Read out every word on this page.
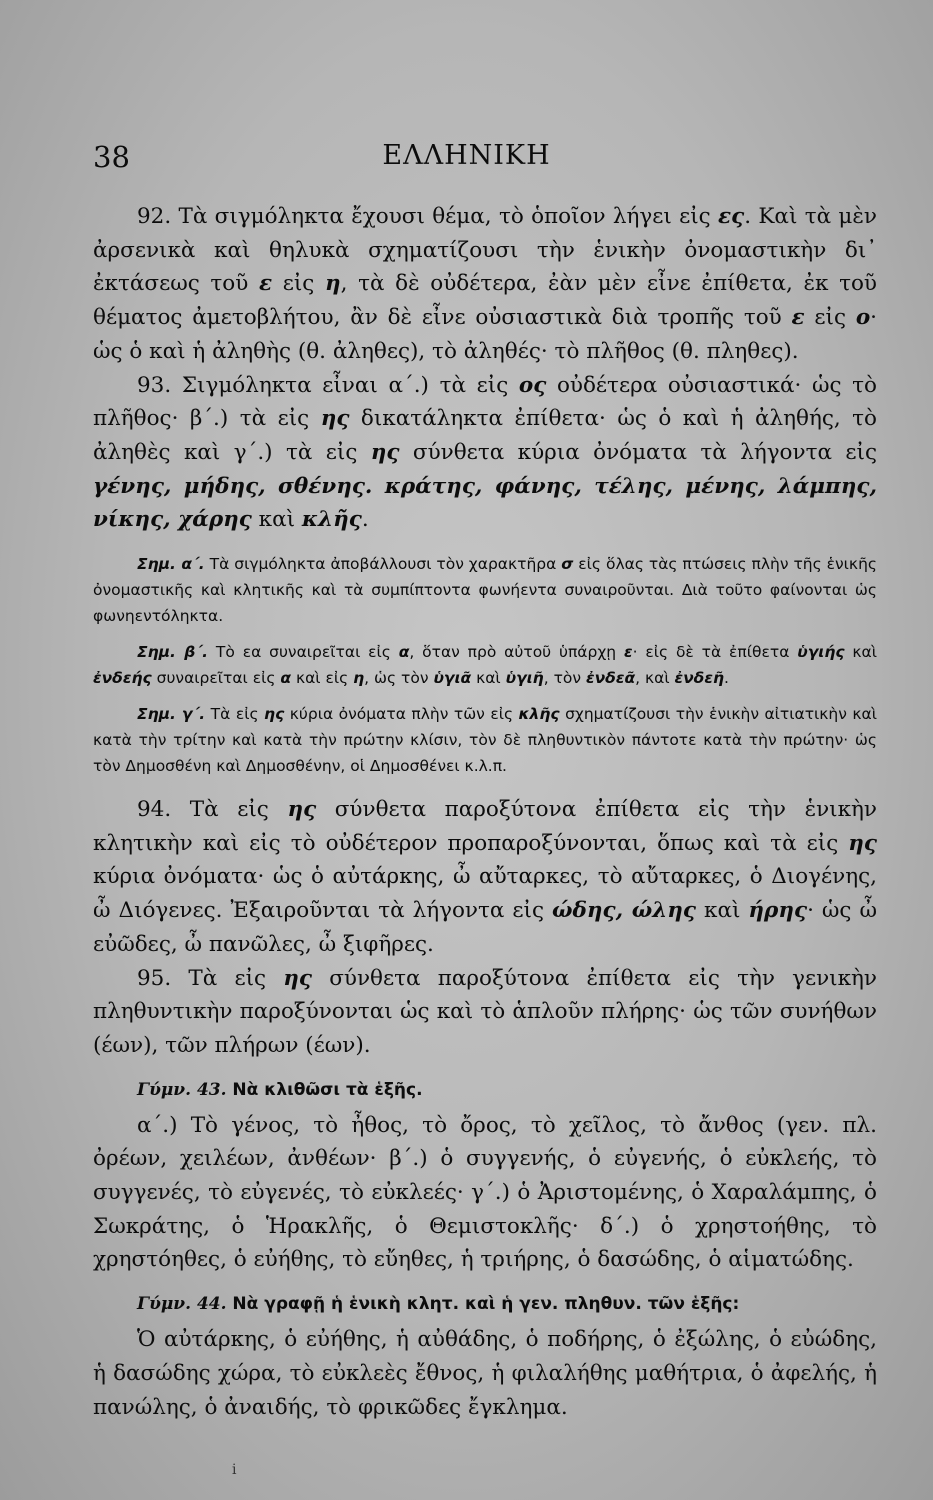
38	ΕΛΛΗΝΙΚΗ

92. Τὰ σιγμόληκτα ἔχουσι θέμα, τὸ ὁποῖον λήγει εἰς ες. Καὶ τὰ μὲν ἀρσενικὰ καὶ θηλυκὰ σχηματίζουσι τὴν ἑνικὴν ὀνομαστικὴν δι᾿ ἐκτάσεως τοῦ ε εἰς η, τὰ δὲ οὐδέτερα, ἐὰν μὲν εἶνε ἐπίθετα, ἐκ τοῦ θέματος ἀμετοβλήτου, ἂν δὲ εἶνε οὐσιαστικὰ διὰ τροπῆς τοῦ ε εἰς ο· ὡς ὁ καὶ ἡ ἀληθὴς (θ. ἀληθες), τὸ ἀληθές· τὸ πλῆθος (θ. πληθες).

93. Σιγμόληκτα εἶναι α΄.) τὰ εἰς ος οὐδέτερα οὐσιαστικά· ὡς τὸ πλῆθος· β΄.) τὰ εἰς ης δικατάληκτα ἐπίθετα· ὡς ὁ καὶ ἡ ἀληθής, τὸ ἀληθὲς καὶ γ΄.) τὰ εἰς ης σύνθετα κύρια ὀνόματα τὰ λήγοντα εἰς γένης, μήδης, σθένης. κράτης, φάνης, τέλης, μένης, λάμπης, νίκης, χάρης καὶ κλῆς.

Σημ. α΄. Τὰ σιγμόληκτα ἀποβάλλουσι τὸν χαρακτῆρα σ εἰς ὅλας τὰς πτώσεις πλὴν τῆς ἑνικῆς ὀνομαστικῆς καὶ κλητικῆς καὶ τὰ συμπίπτοντα φωνήεντα συναιροῦνται. Διὰ τοῦτο φαίνονται ὡς φωνηεντόληκτα.

Σημ. β΄. Τὸ εα συναιρεῖται εἰς α, ὅταν πρὸ αὐτοῦ ὑπάρχῃ ε· εἰς δὲ τὰ ἐπίθετα ὑγιής καὶ ἐνδεής συναιρεῖται εἰς α καὶ εἰς η, ὡς τὸν ὑγιᾶ καὶ ὑγιῆ, τὸν ἐνδεᾶ, καὶ ἐνδεῆ.

Σημ. γ΄. Τὰ εἰς ης κύρια ὀνόματα πλὴν τῶν εἰς κλῆς σχηματίζουσι τὴν ἑνικὴν αἰτιατικὴν καὶ κατὰ τὴν τρίτην καὶ κατὰ τὴν πρώτην κλίσιν, τὸν δὲ πληθυντικὸν πάντοτε κατὰ τὴν πρώτην· ὡς τὸν Δημοσθένη καὶ Δημοσθένην, οἱ Δημοσθένει κ.λ.π.

94. Τὰ εἰς ης σύνθετα παροξύτονα ἐπίθετα εἰς τὴν ἑνικὴν κλητικὴν καὶ εἰς τὸ οὐδέτερον προπαροξύνονται, ὅπως καὶ τὰ εἰς ης κύρια ὀνόματα· ὡς ὁ αὐτάρκης, ὦ αὔταρκες, τὸ αὔταρκες, ὁ Διογένης, ὦ Διόγενες. Ἐξαιροῦνται τὰ λήγοντα εἰς ώδης, ώλης καὶ ήρης· ὡς ὦ εὐῶδες, ὦ πανῶλες, ὦ ξιφῆρες.

95. Τὰ εἰς ης σύνθετα παροξύτονα ἐπίθετα εἰς τὴν γενικὴν πληθυντικὴν παροξύνονται ὡς καὶ τὸ ἁπλοῦν πλήρης· ὡς τῶν συνήθων (έων), τῶν πλήρων (έων).

Γύμν. 43. Νὰ κλιθῶσι τὰ ἑξῆς.

α΄.) Τὸ γένος, τὸ ἦθος, τὸ ὄρος, τὸ χεῖλος, τὸ ἄνθος (γεν. πλ. ὀρέων, χειλέων, ἀνθέων· β΄.) ὁ συγγενής, ὁ εὐγενής, ὁ εὐκλεής, τὸ συγγενές, τὸ εὐγενές, τὸ εὐκλεές· γ΄.) ὁ Ἀριστομένης, ὁ Χαραλάμπης, ὁ Σωκράτης, ὁ Ἡρακλῆς, ὁ Θεμιστοκλῆς· δ΄.) ὁ χρηστοήθης, τὸ χρηστόηθες, ὁ εὐήθης, τὸ εὔηθες, ἡ τριήρης, ὁ δασώδης, ὁ αἱματώδης.

Γύμν. 44. Νὰ γραφῇ ἡ ἑνικὴ κλητ. καὶ ἡ γεν. πληθυν. τῶν ἑξῆς:

Ὁ αὐτάρκης, ὁ εὐήθης, ἡ αὐθάδης, ὁ ποδήρης, ὁ ἐξώλης, ὁ εὐώδης, ἡ δασώδης χώρα, τὸ εὐκλεὲς ἔθνος, ἡ φιλαλήθης μαθήτρια, ὁ ἀφελής, ἡ πανώλης, ὁ ἀναιδής, τὸ φρικῶδες ἔγκλημα.

i
